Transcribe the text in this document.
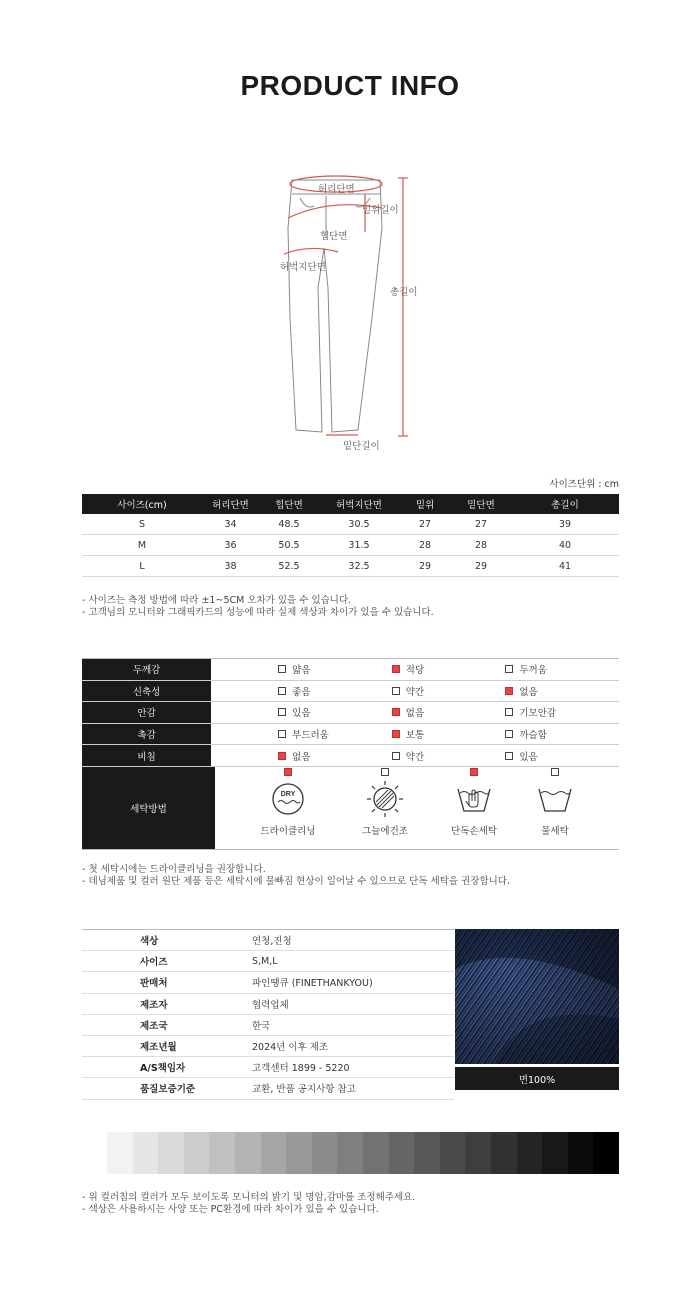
PRODUCT INFO
허리단면
밑위길이
힙단면
허벅지단면
총길이
밑단길이
사이즈단위 : cm
사이즈(cm)	허리단면	힙단면	허벅지단면	밑위	밑단면	총길이
S	34	48.5	30.5	27	27	39
M	36	50.5	31.5	28	28	40
L	38	52.5	32.5	29	29	41
- 사이즈는 측정 방법에 따라 ±1~5CM 오차가 있을 수 있습니다.
- 고객님의 모니터와 그래픽카드의 성능에 따라 실제 색상과 차이가 있을 수 있습니다.
두께감	얇음	적당	두꺼움
신축성	좋음	약간	없음
안감	있음	없음	기모안감
촉감	부드러움	보통	까슬함
비침	없음	약간	있음
세탁방법
DRY
드라이클리닝	그늘에건조	단독손세탁	물세탁
- 첫 세탁시에는 드라이클리닝을 권장합니다.
- 데님제품 및 컬러 원단 제품 등은 세탁시에 물빠짐 현상이 일어날 수 있으므로 단독 세탁을 권장합니다.
색상	연청,진청
사이즈	S,M,L
판매처	파인땡큐 (FINETHANKYOU)
제조자	협력업체
제조국	한국
제조년월	2024년 이후 제조
A/S책임자	고객센터 1899 - 5220
품질보증기준	교환, 반품 공지사항 참고
면100%
- 위 컬러칩의 컬러가 모두 보이도록 모니터의 밝기 및 명암,감마를 조정해주세요.
- 색상은 사용하시는 사양 또는 PC환경에 따라 차이가 있을 수 있습니다.
